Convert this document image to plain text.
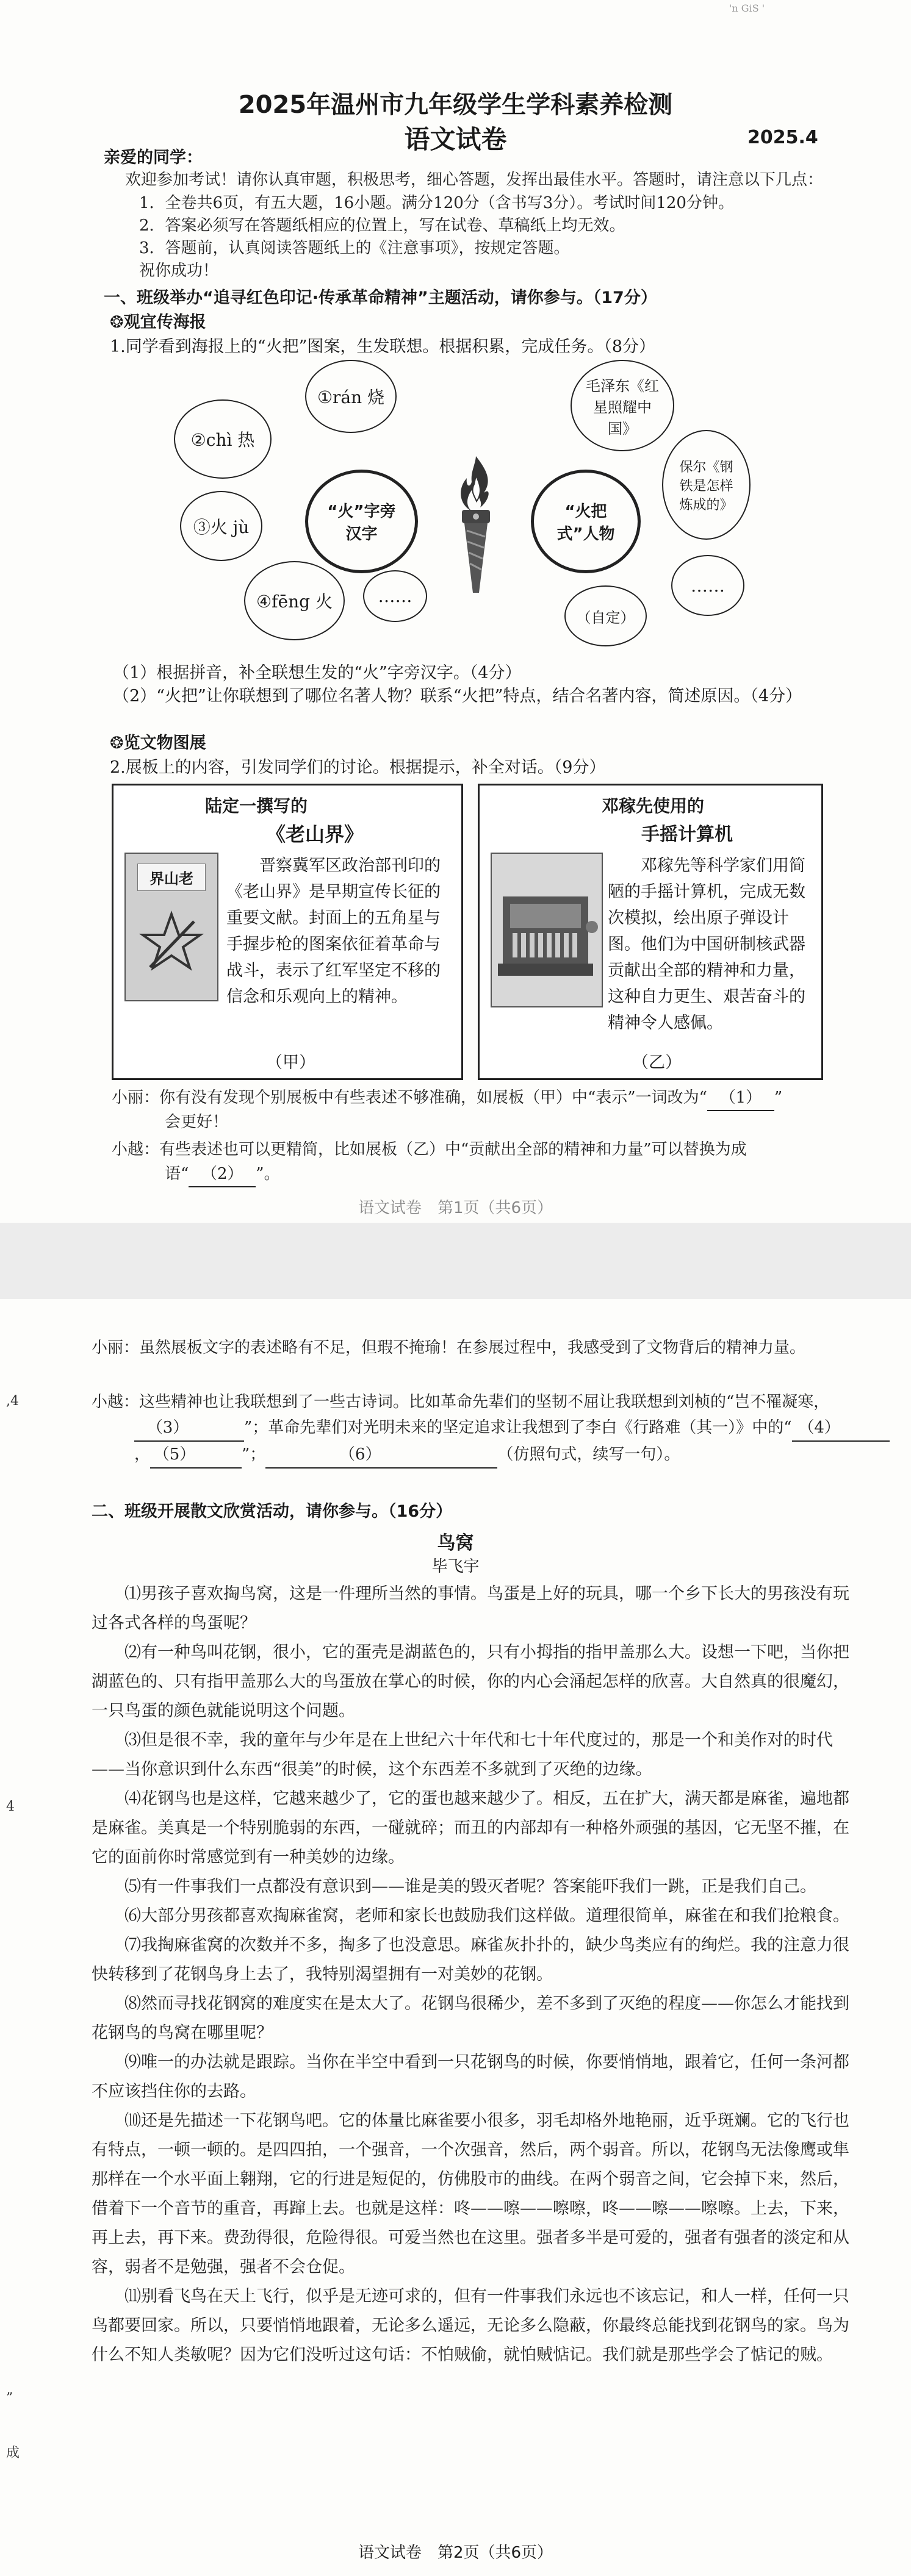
'n GiS '
2025年温州市九年级学生学科素养检测
语文试卷	2025.4
亲爱的同学：
欢迎参加考试！请你认真审题，积极思考，细心答题，发挥出最佳水平。答题时，请注意以下几点：
1．全卷共6页，有五大题，16小题。满分120分（含书写3分）。考试时间120分钟。
2．答案必须写在答题纸相应的位置上，写在试卷、草稿纸上均无效。
3．答题前，认真阅读答题纸上的《注意事项》，按规定答题。
祝你成功！
一、班级举办“追寻红色印记·传承革命精神”主题活动，请你参与。（17分）
❂观宜传海报
1.同学看到海报上的“火把”图案，生发联想。根据积累，完成任务。（8分）
①rán 烧
②chì 热
③火 jù
④fēng 火	……
“火”字旁汉字
“火把式”人物
毛泽东《红星照耀中国》
保尔《钢铁是怎样炼成的》
……
（自定）
（1）根据拼音，补全联想生发的“火”字旁汉字。（4分）
（2）“火把”让你联想到了哪位名著人物？联系“火把”特点，结合名著内容，简述原因。（4分）
❂览文物图展
2.展板上的内容，引发同学们的讨论。根据提示，补全对话。（9分）
陆定一撰写的
《老山界》
界山老
晋察冀军区政治部刊印的《老山界》是早期宣传长征的重要文献。封面上的五角星与手握步枪的图案依征着革命与战斗，表示了红军坚定不移的信念和乐观向上的精神。
（甲）
邓稼先使用的
手摇计算机
邓稼先等科学家们用简陋的手摇计算机，完成无数次模拟，绘出原子弹设计图。他们为中国研制核武器贡献出全部的精神和力量，这种自力更生、艰苦奋斗的精神令人感佩。
（乙）
小丽：你有没有发现个别展板中有些表述不够准确，如展板（甲）中“表示”一词改为“ （1） ”
会更好！
小越：有些表述也可以更精简，比如展板（乙）中“贡献出全部的精神和力量”可以替换为成
语“ （2） ”。
语文试卷　第1页（共6页）
,4
4
”
成
小丽：虽然展板文字的表述略有不足，但瑕不掩瑜！在参展过程中，我感受到了文物背后的精神力量。
小越：这些精神也让我联想到了一些古诗词。比如革命先辈们的坚韧不屈让我联想到刘桢的“岂不罹凝寒，（3）	”；革命先辈们对光明未来的坚定追求让我想到了李白《行路难（其一）》中的“ （4）， （5）	”；	（6）	（仿照句式，续写一句）。
二、班级开展散文欣赏活动，请你参与。（16分）
鸟窝
毕飞宇
⑴男孩子喜欢掏鸟窝，这是一件理所当然的事情。鸟蛋是上好的玩具，哪一个乡下长大的男孩没有玩过各式各样的鸟蛋呢？
⑵有一种鸟叫花钢，很小，它的蛋壳是湖蓝色的，只有小拇指的指甲盖那么大。设想一下吧，当你把湖蓝色的、只有指甲盖那么大的鸟蛋放在掌心的时候，你的内心会涌起怎样的欣喜。大自然真的很魔幻，一只鸟蛋的颜色就能说明这个问题。
⑶但是很不幸，我的童年与少年是在上世纪六十年代和七十年代度过的，那是一个和美作对的时代——当你意识到什么东西“很美”的时候，这个东西差不多就到了灭绝的边缘。
⑷花钢鸟也是这样，它越来越少了，它的蛋也越来越少了。相反，五在扩大，满天都是麻雀，遍地都是麻雀。美真是一个特别脆弱的东西，一碰就碎；而丑的内部却有一种格外顽强的基因，它无坚不摧，在它的面前你时常感觉到有一种美妙的边缘。
⑸有一件事我们一点都没有意识到——谁是美的毁灭者呢？答案能吓我们一跳，正是我们自己。
⑹大部分男孩都喜欢掏麻雀窝，老师和家长也鼓励我们这样做。道理很简单，麻雀在和我们抢粮食。
⑺我掏麻雀窝的次数并不多，掏多了也没意思。麻雀灰扑扑的，缺少鸟类应有的绚烂。我的注意力很快转移到了花钢鸟身上去了，我特别渴望拥有一对美妙的花钢。
⑻然而寻找花钢窝的难度实在是太大了。花钢鸟很稀少，差不多到了灭绝的程度——你怎么才能找到花钢鸟的鸟窝在哪里呢？
⑼唯一的办法就是跟踪。当你在半空中看到一只花钢鸟的时候，你要悄悄地，跟着它，任何一条河都不应该挡住你的去路。
⑽还是先描述一下花钢鸟吧。它的体量比麻雀要小很多，羽毛却格外地艳丽，近乎斑斓。它的飞行也有特点，一顿一顿的。是四四拍，一个强音，一个次强音，然后，两个弱音。所以，花钢鸟无法像鹰或隼那样在一个水平面上翱翔，它的行进是短促的，仿佛股市的曲线。在两个弱音之间，它会掉下来，然后，借着下一个音节的重音，再蹿上去。也就是这样：咚——嚓——嚓嚓，咚——嚓——嚓嚓。上去，下来，再上去，再下来。费劲得很，危险得很。可爱当然也在这里。强者多半是可爱的，强者有强者的淡定和从容，弱者不是勉强，强者不会仓促。
⑾别看飞鸟在天上飞行，似乎是无迹可求的，但有一件事我们永远也不该忘记，和人一样，任何一只鸟都要回家。所以，只要悄悄地跟着，无论多么遥远，无论多么隐蔽，你最终总能找到花钢鸟的家。鸟为什么不知人类敏呢？因为它们没听过这句话：不怕贼偷，就怕贼惦记。我们就是那些学会了惦记的贼。
语文试卷　第2页（共6页）
